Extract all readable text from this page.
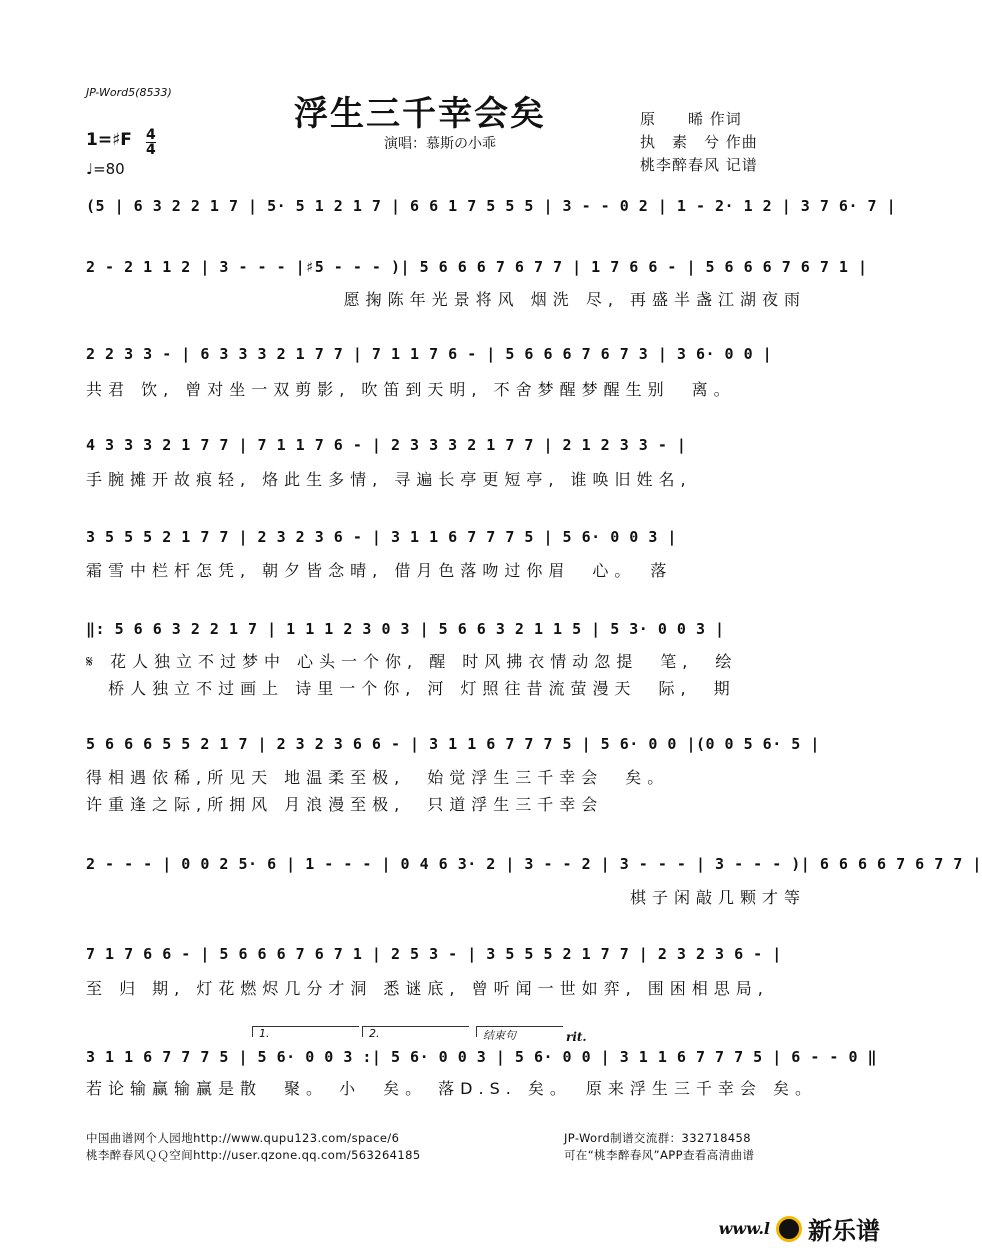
JP-Word5(8533)
浮生三千幸会矣
演唱：慕斯の小乖
原　　晞 作词
执　素　兮 作曲
桃李醉春风 记谱
1=♯F 4
4
♩=80
(5 | 6 3 2 2 1 7 | 5· 5 1 2 1 7 | 6 6 1 7 5 5 5 | 3 - - 0 2 | 1 - 2· 1 2 | 3 7 6· 7 |
2 - 2 1 1 2 | 3 - - - |♯5 - - - )| 5 6 6 6 7 6 7 7 | 1 7 6 6 - | 5 6 6 6 7 6 7 1 |
愿掬陈年光景将风 烟洗 尽, 再盛半盏江湖夜雨
2 2 3 3 - | 6 3 3 3 2 1 7 7 | 7 1 1 7 6 - | 5 6 6 6 7 6 7 3 | 3 6· 0 0 |
共君 饮, 曾对坐一双剪影, 吹笛到天明, 不舍梦醒梦醒生别　离。
4 3 3 3 2 1 7 7 | 7 1 1 7 6 - | 2 3 3 3 2 1 7 7 | 2 1 2 3 3 - |
手腕摊开故痕轻, 烙此生多情, 寻遍长亭更短亭, 谁唤旧姓名,
3 5 5 5 2 1 7 7 | 2 3 2 3 6 - | 3 1 1 6 7 7 7 5 | 5 6· 0 0 3 |
霜雪中栏杆怎凭, 朝夕皆念晴, 借月色落吻过你眉　心。　落
‖: 5 6 6 3 2 2 1 7 | 1 1 1 2 3 0 3 | 5 6 6 3 2 1 1 5 | 5 3· 0 0 3 |
𝄋 花人独立不过梦中 心头一个你, 醒 时风拂衣情动忽提　笔,　绘
桥人独立不过画上 诗里一个你, 河 灯照往昔流萤漫天　际,　期
5 6 6 6 5 5 2 1 7 | 2 3 2 3 6 6 - | 3 1 1 6 7 7 7 5 | 5 6· 0 0 |(0 0 5 6· 5 |
得相遇依稀,所见天 地温柔至极,　始觉浮生三千幸会　矣。
许重逢之际,所拥风 月浪漫至极,　只道浮生三千幸会
2 - - - | 0 0 2 5· 6 | 1 - - - | 0 4 6 3· 2 | 3 - - 2 | 3 - - - | 3 - - - )| 6 6 6 6 7 6 7 7 |
棋子闲敲几颗才等
7 1 7 6 6 - | 5 6 6 6 7 6 7 1 | 2 5 3 - | 3 5 5 5 2 1 7 7 | 2 3 2 3 6 - |
至 归 期, 灯花燃烬几分才洞 悉谜底, 曾听闻一世如弈, 围困相思局,
1.	2.	结束句	rit.
3 1 1 6 7 7 7 5 | 5 6· 0 0 3 :| 5 6· 0 0 3 | 5 6· 0 0 | 3 1 1 6 7 7 7 5 | 6 - - 0 ‖
若论输赢输赢是散　聚。 小　矣。 落D.S. 矣。　原来浮生三千幸会 矣。
中国曲谱网个人园地http://www.qupu123.com/space/6
桃李醉春风ＱＱ空间http://user.qzone.qq.com/563264185
JP-Word制谱交流群：332718458
可在“桃李醉春风”APP查看高清曲谱
www.l 新乐谱
